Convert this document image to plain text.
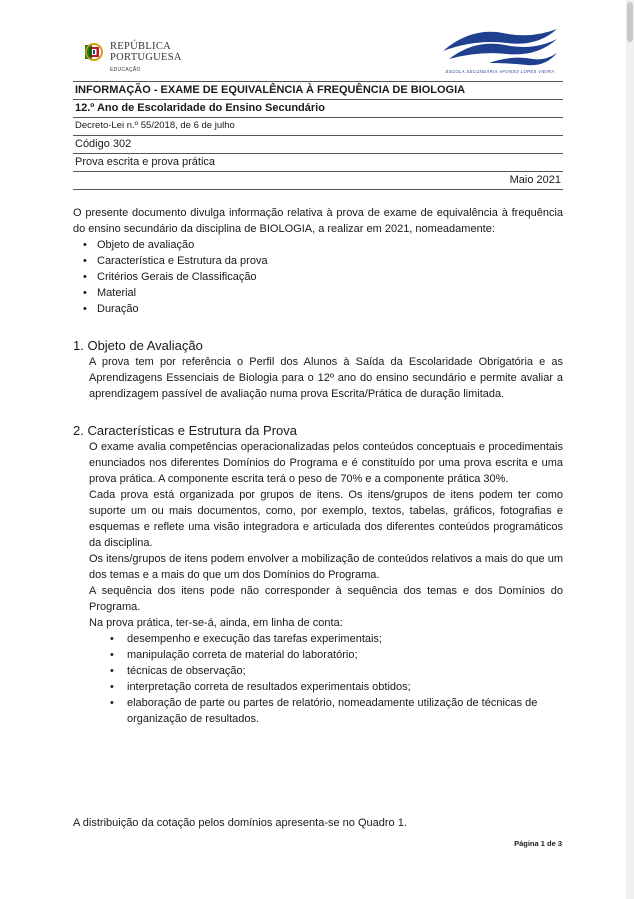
REPÚBLICA
PORTUGUESA
EDUCAÇÃO	ESCOLA SECUNDÁRIA AFONSO LOPES VIEIRA
INFORMAÇÃO - EXAME DE EQUIVALÊNCIA À FREQUÊNCIA DE BIOLOGIA
12.º Ano de Escolaridade do Ensino Secundário
Decreto-Lei n.º 55/2018, de 6 de julho
Código 302
Prova escrita e prova prática
Maio 2021

O presente documento divulga informação relativa à prova de exame de equivalência à frequência do ensino secundário da disciplina de BIOLOGIA, a realizar em 2021, nomeadamente:

• Objeto de avaliação
• Característica e Estrutura da prova
• Critérios Gerais de Classificação
• Material
• Duração
1. Objeto de Avaliação

A prova tem por referência o Perfil dos Alunos à Saída da Escolaridade Obrigatória e as Aprendizagens Essenciais de Biologia para o 12º ano do ensino secundário e permite avaliar a aprendizagem passível de avaliação numa prova Escrita/Prática de duração limitada.

2. Características e Estrutura da Prova

O exame avalia competências operacionalizadas pelos conteúdos conceptuais e procedimentais enunciados nos diferentes Domínios do Programa e é constituído por uma prova escrita e uma prova prática. A componente escrita terá o peso de 70% e a componente prática 30%.

Cada prova está organizada por grupos de itens. Os itens/grupos de itens podem ter como suporte um ou mais documentos, como, por exemplo, textos, tabelas, gráficos, fotografias e esquemas e reflete uma visão integradora e articulada dos diferentes conteúdos programáticos da disciplina.

Os itens/grupos de itens podem envolver a mobilização de conteúdos relativos a mais do que um dos temas e a mais do que um dos Domínios do Programa.

A sequência dos itens pode não corresponder à sequência dos temas e dos Domínios do Programa.

Na prova prática, ter-se-á, ainda, em linha de conta:

• desempenho e execução das tarefas experimentais;
• manipulação correta de material do laboratório;
• técnicas de observação;
• interpretação correta de resultados experimentais obtidos;
• elaboração de parte ou partes de relatório, nomeadamente utilização de técnicas de organização de resultados.

A distribuição da cotação pelos domínios apresenta-se no Quadro 1.

Página 1 de 3
